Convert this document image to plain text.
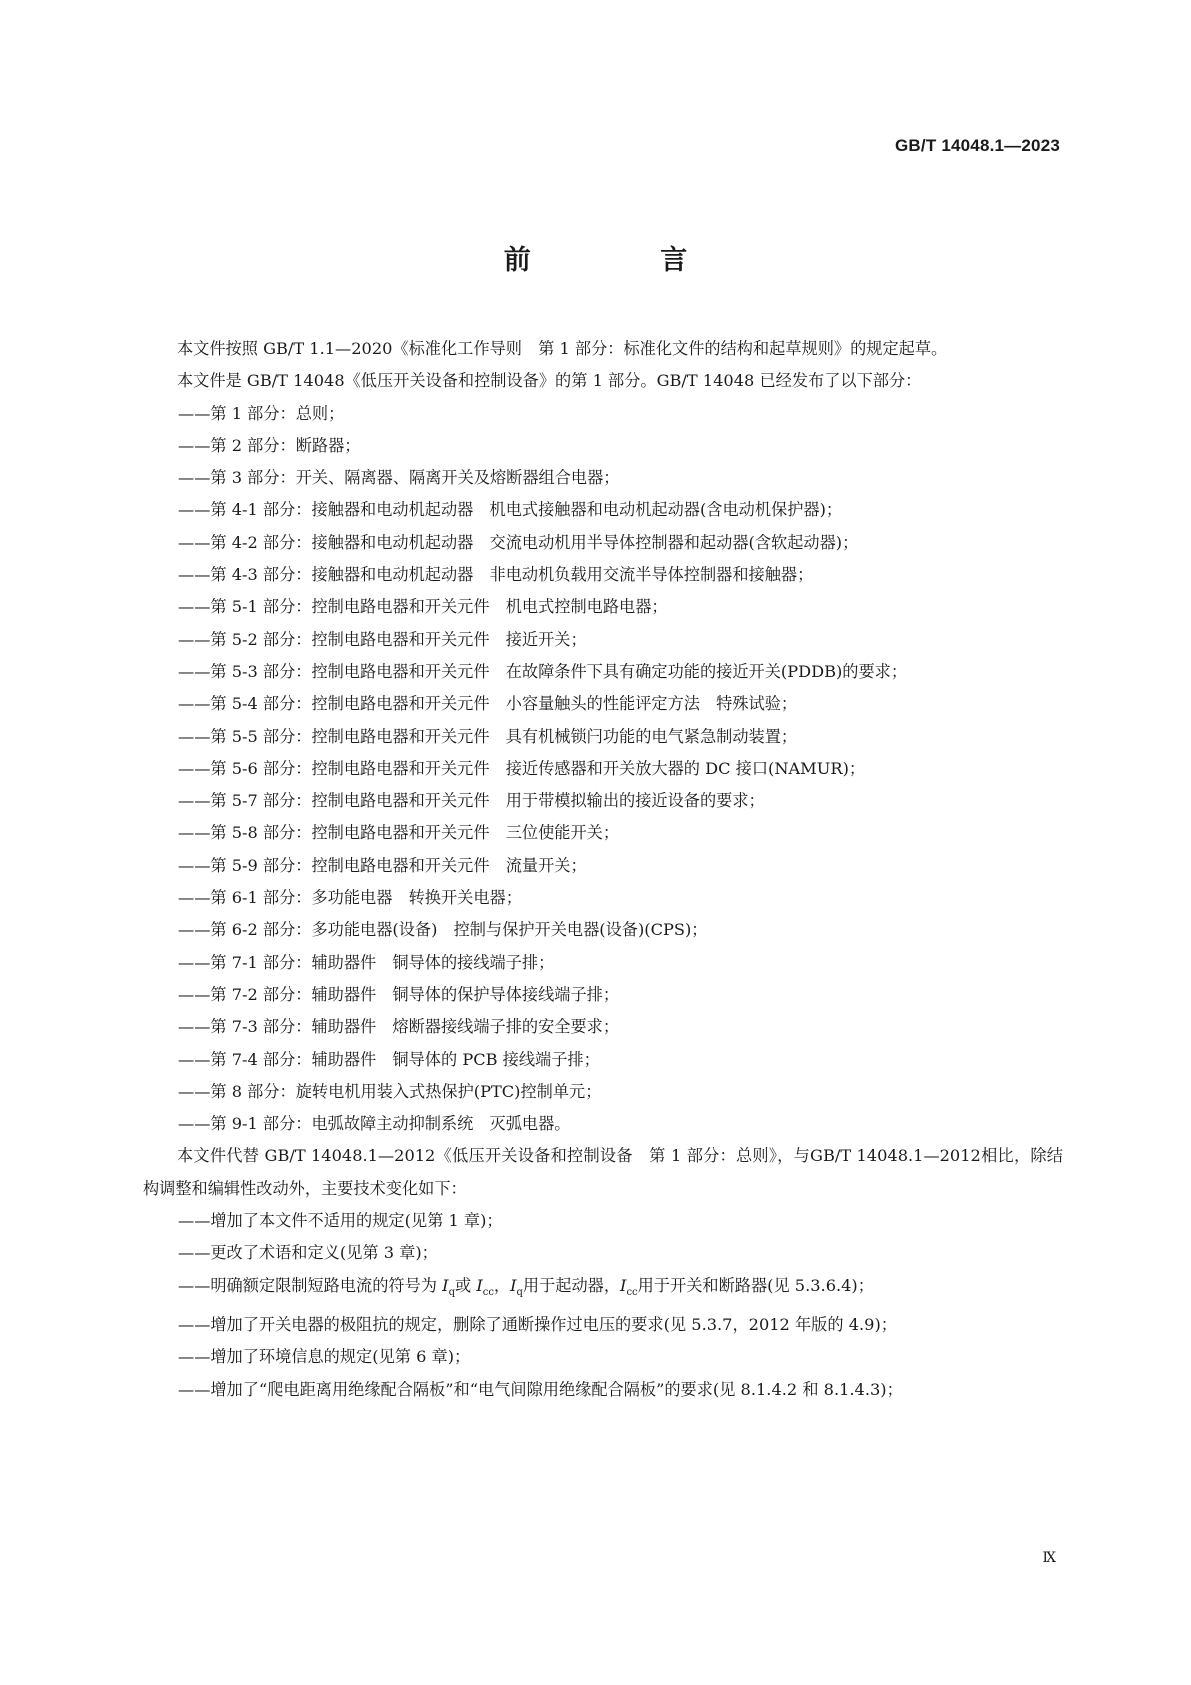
GB/T 14048.1—2023
前 言

本文件按照 GB/T 1.1—2020《标准化工作导则　第 1 部分：标准化文件的结构和起草规则》的规定起草。

本文件是 GB/T 14048《低压开关设备和控制设备》的第 1 部分。GB/T 14048 已经发布了以下部分：

——第 1 部分：总则；

——第 2 部分：断路器；

——第 3 部分：开关、隔离器、隔离开关及熔断器组合电器；

——第 4-1 部分：接触器和电动机起动器　机电式接触器和电动机起动器(含电动机保护器)；

——第 4-2 部分：接触器和电动机起动器　交流电动机用半导体控制器和起动器(含软起动器)；

——第 4-3 部分：接触器和电动机起动器　非电动机负载用交流半导体控制器和接触器；

——第 5-1 部分：控制电路电器和开关元件　机电式控制电路电器；

——第 5-2 部分：控制电路电器和开关元件　接近开关；

——第 5-3 部分：控制电路电器和开关元件　在故障条件下具有确定功能的接近开关(PDDB)的要求；

——第 5-4 部分：控制电路电器和开关元件　小容量触头的性能评定方法　特殊试验；

——第 5-5 部分：控制电路电器和开关元件　具有机械锁闩功能的电气紧急制动装置；

——第 5-6 部分：控制电路电器和开关元件　接近传感器和开关放大器的 DC 接口(NAMUR)；

——第 5-7 部分：控制电路电器和开关元件　用于带模拟输出的接近设备的要求；

——第 5-8 部分：控制电路电器和开关元件　三位使能开关；

——第 5-9 部分：控制电路电器和开关元件　流量开关；

——第 6-1 部分：多功能电器　转换开关电器；

——第 6-2 部分：多功能电器(设备)　控制与保护开关电器(设备)(CPS)；

——第 7-1 部分：辅助器件　铜导体的接线端子排；

——第 7-2 部分：辅助器件　铜导体的保护导体接线端子排；

——第 7-3 部分：辅助器件　熔断器接线端子排的安全要求；

——第 7-4 部分：辅助器件　铜导体的 PCB 接线端子排；

——第 8 部分：旋转电机用装入式热保护(PTC)控制单元；

——第 9-1 部分：电弧故障主动抑制系统　灭弧电器。

本文件代替 GB/T 14048.1—2012《低压开关设备和控制设备　第 1 部分：总则》，与GB/T 14048.1—2012相比，除结构调整和编辑性改动外，主要技术变化如下：

——增加了本文件不适用的规定(见第 1 章)；

——更改了术语和定义(见第 3 章)；

——明确额定限制短路电流的符号为 $I_q$或 $I_{cc}$，$I_q$用于起动器，$I_{cc}$用于开关和断路器(见 5.3.6.4)；

——增加了开关电器的极阻抗的规定，删除了通断操作过电压的要求(见 5.3.7，2012 年版的 4.9)；

——增加了环境信息的规定(见第 6 章)；

——增加了“爬电距离用绝缘配合隔板”和“电气间隙用绝缘配合隔板”的要求(见 8.1.4.2 和 8.1.4.3)；

Ⅸ
